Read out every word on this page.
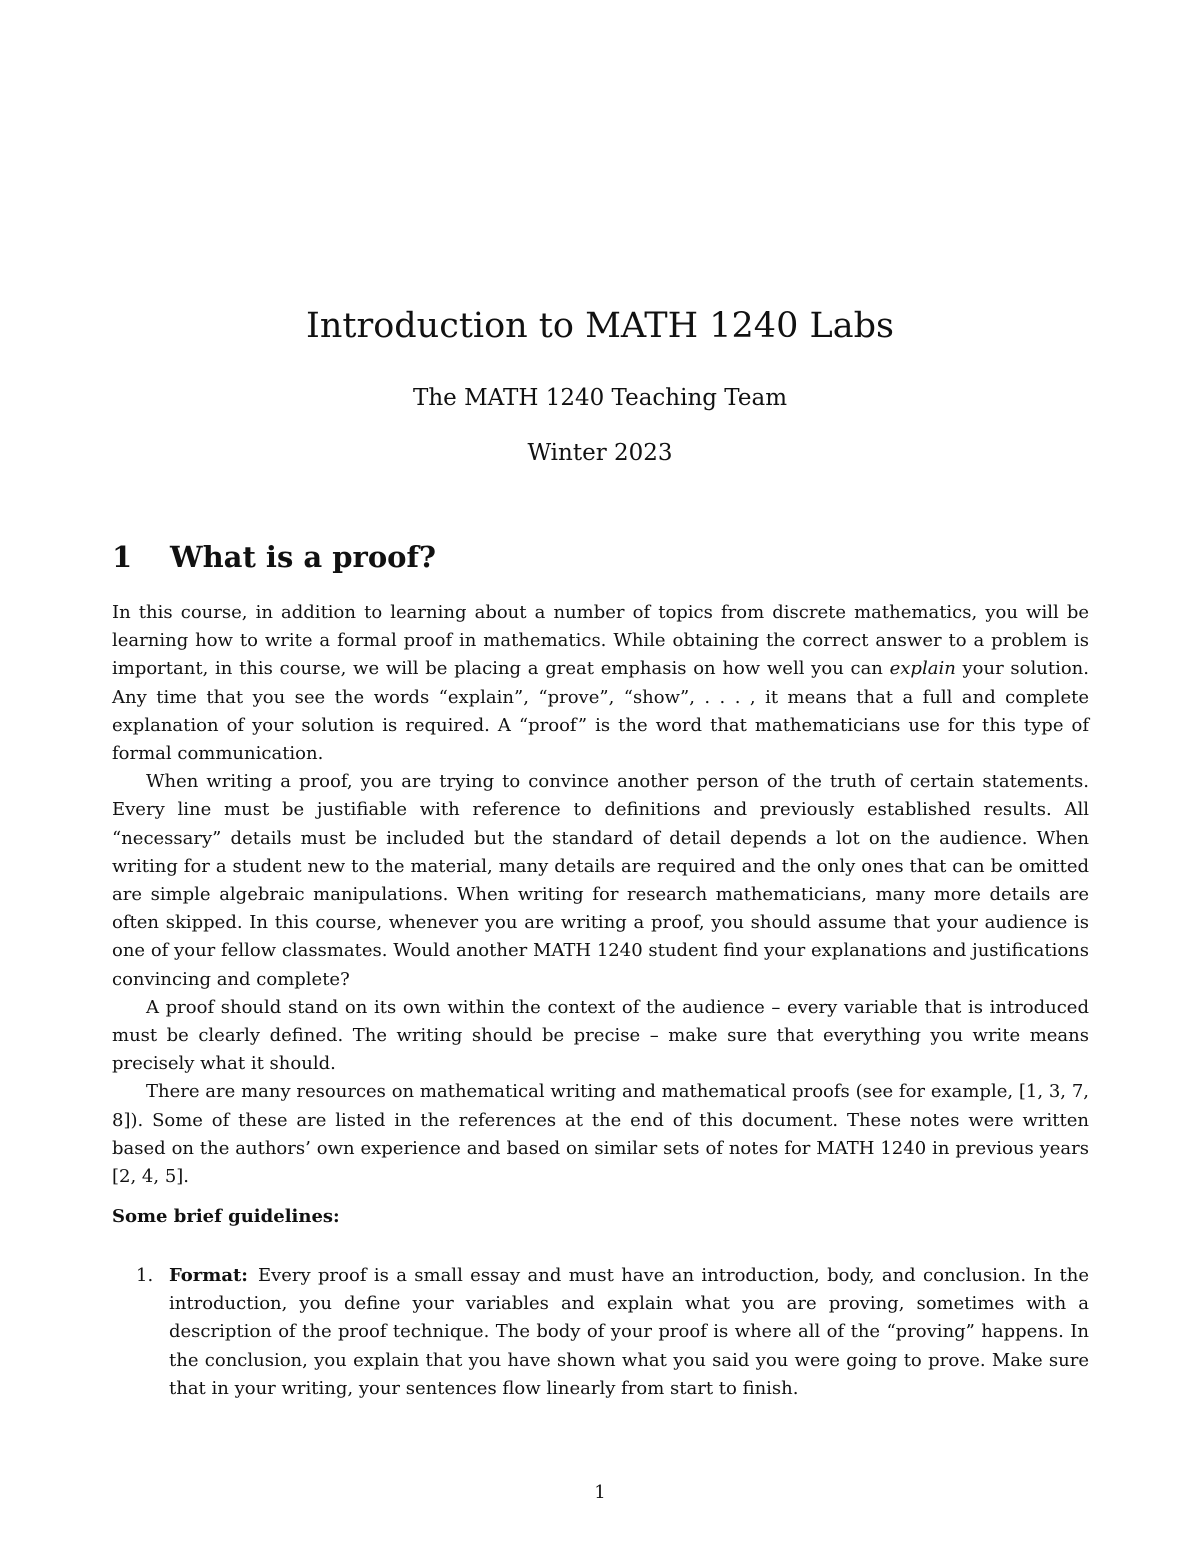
Introduction to MATH 1240 Labs
The MATH 1240 Teaching Team
Winter 2023
1 What is a proof?

In this course, in addition to learning about a number of topics from discrete mathematics, you will be learning how to write a formal proof in mathematics. While obtaining the correct answer to a problem is important, in this course, we will be placing a great emphasis on how well you can explain your solution. Any time that you see the words “explain”, “prove”, “show”, . . . , it means that a full and complete explanation of your solution is required. A “proof” is the word that mathematicians use for this type of formal communication.

When writing a proof, you are trying to convince another person of the truth of certain statements. Every line must be justifiable with reference to definitions and previously established results. All “necessary” details must be included but the standard of detail depends a lot on the audience. When writing for a student new to the material, many details are required and the only ones that can be omitted are simple algebraic manipulations. When writing for research mathematicians, many more details are often skipped. In this course, whenever you are writing a proof, you should assume that your audience is one of your fellow classmates. Would another MATH 1240 student find your explanations and justifications convincing and complete?

A proof should stand on its own within the context of the audience – every variable that is introduced must be clearly defined. The writing should be precise – make sure that everything you write means precisely what it should.

There are many resources on mathematical writing and mathematical proofs (see for example, [1, 3, 7, 8]). Some of these are listed in the references at the end of this document. These notes were written based on the authors’ own experience and based on similar sets of notes for MATH 1240 in previous years [2, 4, 5].

Some brief guidelines:
1. Format: Every proof is a small essay and must have an introduction, body, and conclusion. In the introduction, you define your variables and explain what you are proving, sometimes with a description of the proof technique. The body of your proof is where all of the “proving” happens. In the conclusion, you explain that you have shown what you said you were going to prove. Make sure that in your writing, your sentences flow linearly from start to finish.
1
